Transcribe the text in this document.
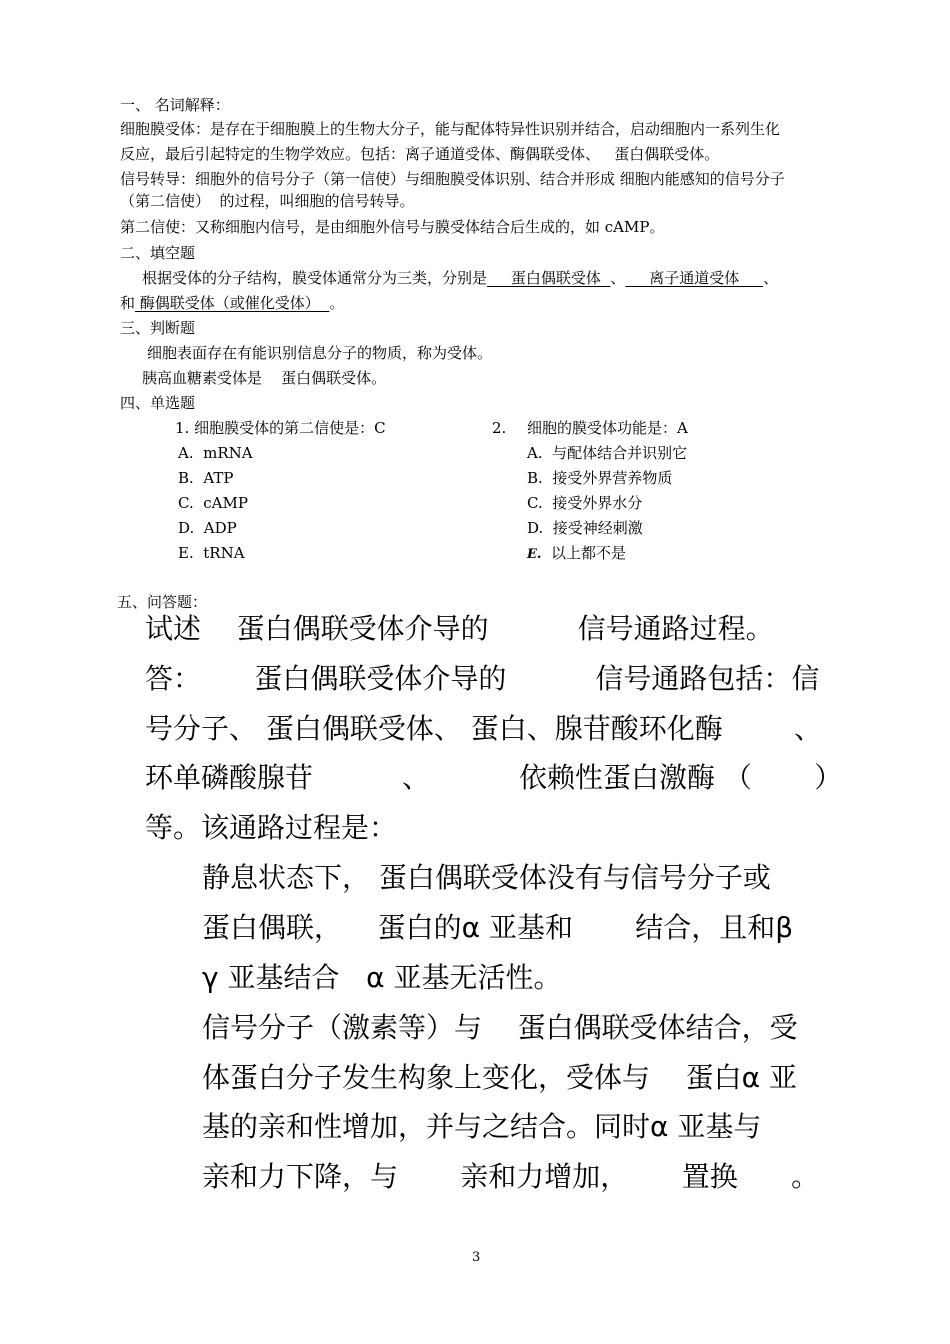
一、 名词解释：
细胞膜受体：是存在于细胞膜上的生物大分子，能与配体特异性识别并结合，启动细胞内一系列生化
反应，最后引起特定的生物学效应。包括：离子通道受体、酶偶联受体、   蛋白偶联受体。
信号转导：细胞外的信号分子（第一信使）与细胞膜受体识别、结合并形成 细胞内能感知的信号分子
（第二信使）  的过程，叫细胞的信号转导。
第二信使：又称细胞内信号，是由细胞外信号与膜受体结合后生成的，如 cAMP。
二、填空题
根据受体的分子结构，膜受体通常分为三类，分别是     蛋白偶联受体  、     离子通道受体     、
和 酶偶联受体（或催化受体）  。
三、判断题
细胞表面存在有能识别信息分子的物质，称为受体。
胰高血糖素受体是    蛋白偶联受体。
四、单选题
1. 细胞膜受体的第二信使是：C
A.  mRNA
B.  ATP
C.  cAMP
D.  ADP
E.  tRNA
2. 细胞的膜受体功能是：A
A.  与配体结合并识别它
B.  接受外界营养物质
C.  接受外界水分
D.  接受神经刺激
E. 以上都不是
五、问答题：
试述    蛋白偶联受体介导的          信号通路过程。
答：      蛋白偶联受体介导的          信号通路包括：信
号分子、 蛋白偶联受体、 蛋白、腺苷酸环化酶        、
环单磷酸腺苷          、          依赖性蛋白激酶 （       ）
等。该通路过程是：
静息状态下， 蛋白偶联受体没有与信号分子或
蛋白偶联，    蛋白的α 亚基和       结合，且和β
γ 亚基结合   α 亚基无活性。
信号分子（激素等）与    蛋白偶联受体结合，受
体蛋白分子发生构象上变化，受体与    蛋白α 亚
基的亲和性增加，并与之结合。同时α 亚基与
亲和力下降，与       亲和力增加，      置换      。
3
